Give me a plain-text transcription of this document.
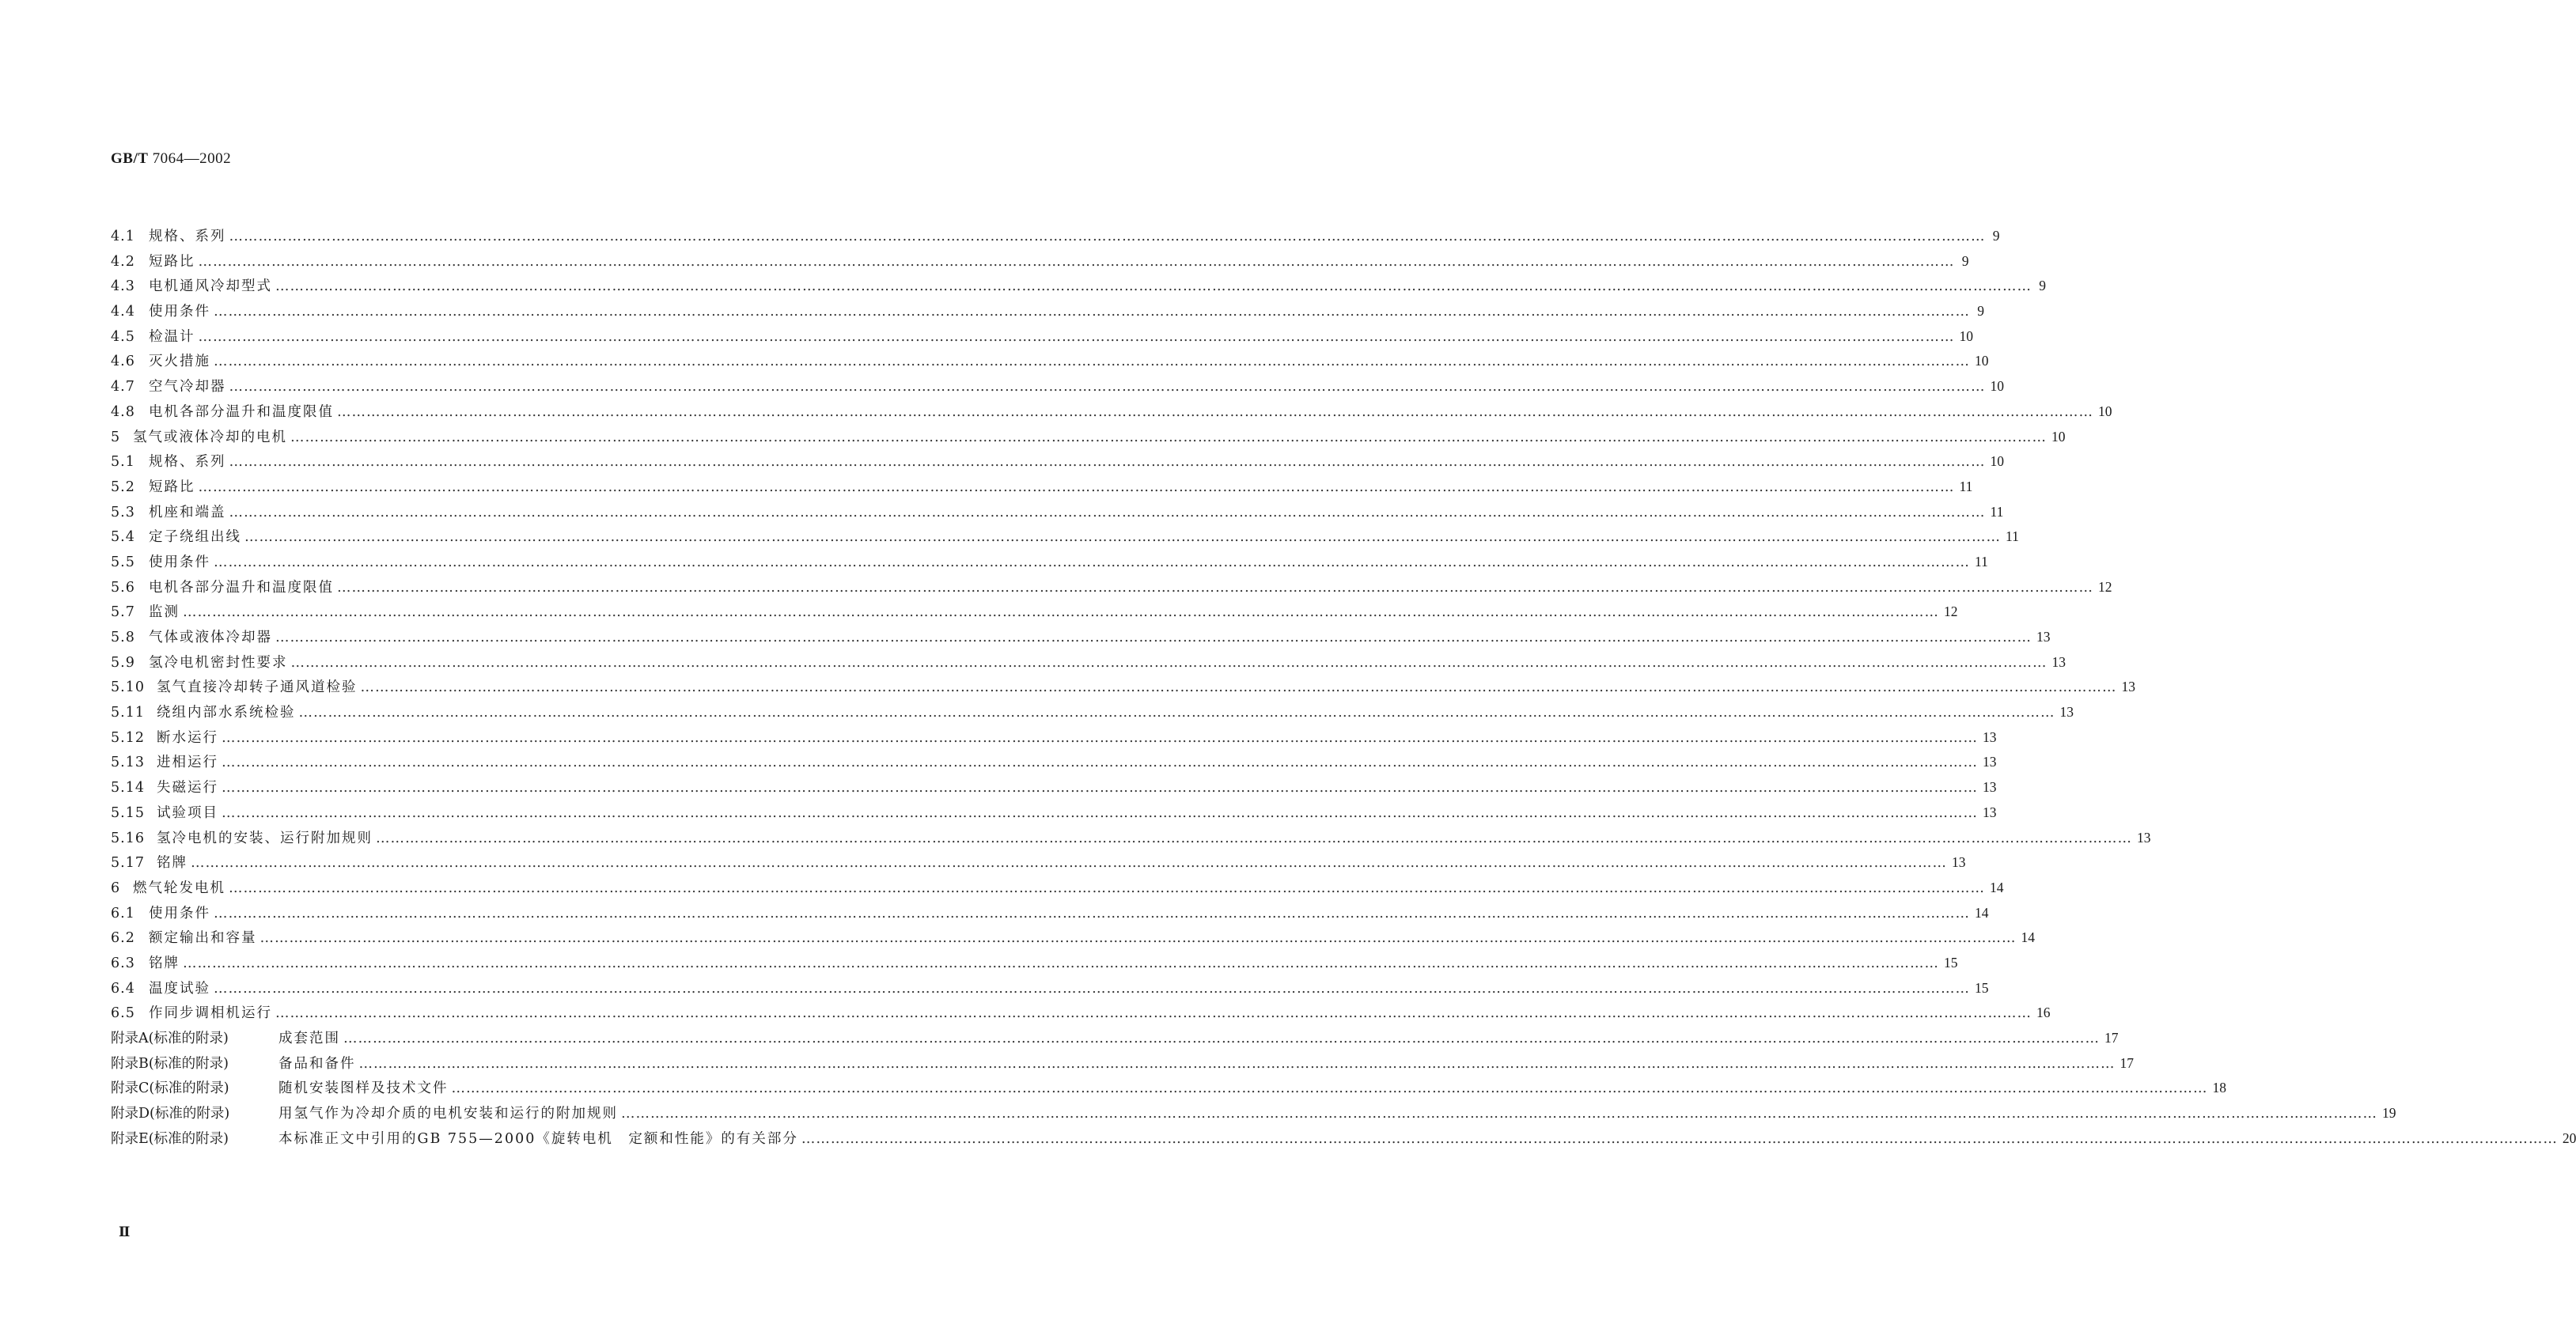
GB/T 7064—2002
4.1 规格、系列 ……………………………………………………………………………………………………………………………………………………………………………………………………………………………………………………………………………………………………………………………… 9
4.2 短路比 ……………………………………………………………………………………………………………………………………………………………………………………………………………………………………………………………………………………………………………………………… 9
4.3 电机通风冷却型式 ……………………………………………………………………………………………………………………………………………………………………………………………………………………………………………………………………………………………………………………………… 9
4.4 使用条件 ……………………………………………………………………………………………………………………………………………………………………………………………………………………………………………………………………………………………………………………………… 9
4.5 检温计 ……………………………………………………………………………………………………………………………………………………………………………………………………………………………………………………………………………………………………………………………… 10
4.6 灭火措施 ……………………………………………………………………………………………………………………………………………………………………………………………………………………………………………………………………………………………………………………………… 10
4.7 空气冷却器 ……………………………………………………………………………………………………………………………………………………………………………………………………………………………………………………………………………………………………………………………… 10
4.8 电机各部分温升和温度限值 ……………………………………………………………………………………………………………………………………………………………………………………………………………………………………………………………………………………………………………………………… 10
5 氢气或液体冷却的电机 ……………………………………………………………………………………………………………………………………………………………………………………………………………………………………………………………………………………………………………………………… 10
5.1 规格、系列 ……………………………………………………………………………………………………………………………………………………………………………………………………………………………………………………………………………………………………………………………… 10
5.2 短路比 ……………………………………………………………………………………………………………………………………………………………………………………………………………………………………………………………………………………………………………………………… 11
5.3 机座和端盖 ……………………………………………………………………………………………………………………………………………………………………………………………………………………………………………………………………………………………………………………………… 11
5.4 定子绕组出线 ……………………………………………………………………………………………………………………………………………………………………………………………………………………………………………………………………………………………………………………………… 11
5.5 使用条件 ……………………………………………………………………………………………………………………………………………………………………………………………………………………………………………………………………………………………………………………………… 11
5.6 电机各部分温升和温度限值 ……………………………………………………………………………………………………………………………………………………………………………………………………………………………………………………………………………………………………………………………… 12
5.7 监测 ……………………………………………………………………………………………………………………………………………………………………………………………………………………………………………………………………………………………………………………………… 12
5.8 气体或液体冷却器 ……………………………………………………………………………………………………………………………………………………………………………………………………………………………………………………………………………………………………………………………… 13
5.9 氢冷电机密封性要求 ……………………………………………………………………………………………………………………………………………………………………………………………………………………………………………………………………………………………………………………………… 13
5.10 氢气直接冷却转子通风道检验 ……………………………………………………………………………………………………………………………………………………………………………………………………………………………………………………………………………………………………………………………… 13
5.11 绕组内部水系统检验 ……………………………………………………………………………………………………………………………………………………………………………………………………………………………………………………………………………………………………………………………… 13
5.12 断水运行 ……………………………………………………………………………………………………………………………………………………………………………………………………………………………………………………………………………………………………………………………… 13
5.13 进相运行 ……………………………………………………………………………………………………………………………………………………………………………………………………………………………………………………………………………………………………………………………… 13
5.14 失磁运行 ……………………………………………………………………………………………………………………………………………………………………………………………………………………………………………………………………………………………………………………………… 13
5.15 试验项目 ……………………………………………………………………………………………………………………………………………………………………………………………………………………………………………………………………………………………………………………………… 13
5.16 氢冷电机的安装、运行附加规则 ……………………………………………………………………………………………………………………………………………………………………………………………………………………………………………………………………………………………………………………………… 13
5.17 铭牌 ……………………………………………………………………………………………………………………………………………………………………………………………………………………………………………………………………………………………………………………………… 13
6 燃气轮发电机 ……………………………………………………………………………………………………………………………………………………………………………………………………………………………………………………………………………………………………………………………… 14
6.1 使用条件 ……………………………………………………………………………………………………………………………………………………………………………………………………………………………………………………………………………………………………………………………… 14
6.2 额定输出和容量 ……………………………………………………………………………………………………………………………………………………………………………………………………………………………………………………………………………………………………………………………… 14
6.3 铭牌 ……………………………………………………………………………………………………………………………………………………………………………………………………………………………………………………………………………………………………………………………… 15
6.4 温度试验 ……………………………………………………………………………………………………………………………………………………………………………………………………………………………………………………………………………………………………………………………… 15
6.5 作同步调相机运行 ……………………………………………………………………………………………………………………………………………………………………………………………………………………………………………………………………………………………………………………………… 16
附录A(标准的附录)	成套范围 ……………………………………………………………………………………………………………………………………………………………………………………………………………………………………………………………………………………………………………………………… 17
附录B(标准的附录)	备品和备件 ……………………………………………………………………………………………………………………………………………………………………………………………………………………………………………………………………………………………………………………………… 17
附录C(标准的附录)	随机安装图样及技术文件 ……………………………………………………………………………………………………………………………………………………………………………………………………………………………………………………………………………………………………………………………… 18
附录D(标准的附录)	用氢气作为冷却介质的电机安装和运行的附加规则 ……………………………………………………………………………………………………………………………………………………………………………………………………………………………………………………………………………………………………………………………… 19
附录E(标准的附录)	本标准正文中引用的GB 755—2000《旋转电机　定额和性能》的有关部分 ……………………………………………………………………………………………………………………………………………………………………………………………………………………………………………………………………………………………………………………………… 20
Ⅱ
